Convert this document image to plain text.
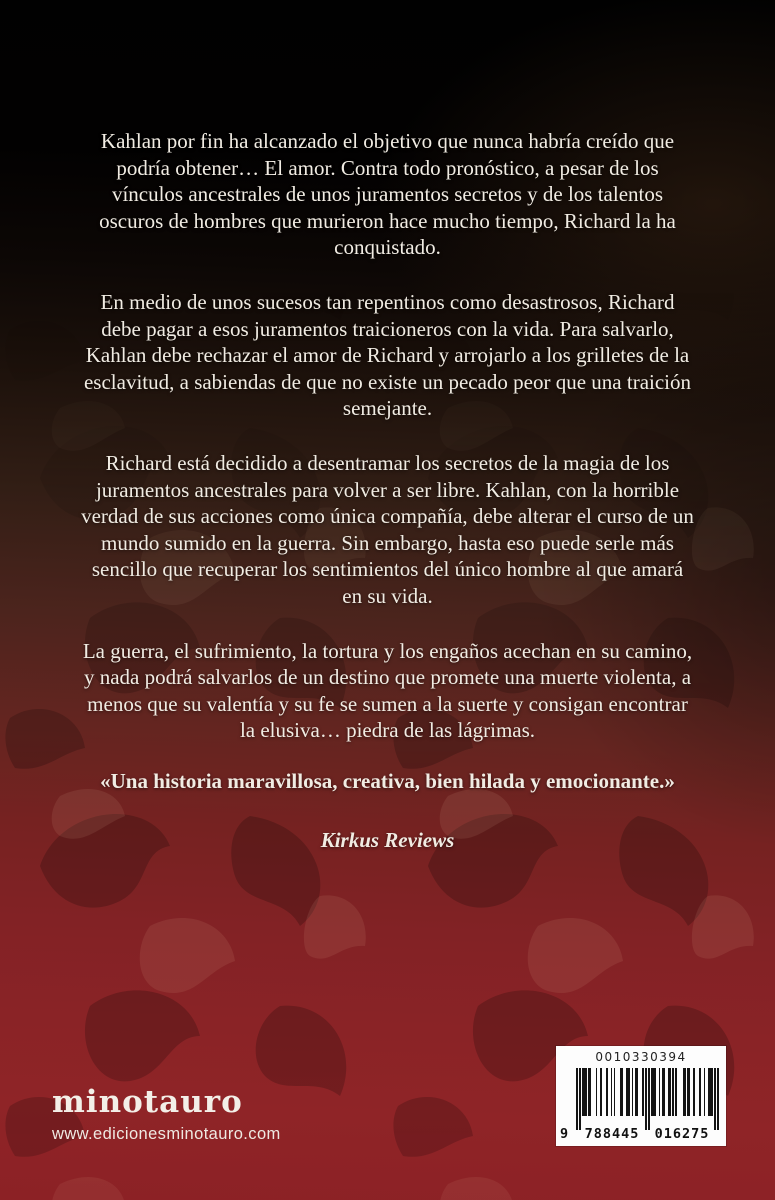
Kahlan por fin ha alcanzado el objetivo que nunca habría creído que podría obtener… El amor. Contra todo pronóstico, a pesar de los vínculos ancestrales de unos juramentos secretos y de los talentos oscuros de hombres que murieron hace mucho tiempo, Richard la ha conquistado.

En medio de unos sucesos tan repentinos como desastrosos, Richard debe pagar a esos juramentos traicioneros con la vida. Para salvarlo, Kahlan debe rechazar el amor de Richard y arrojarlo a los grilletes de la esclavitud, a sabiendas de que no existe un pecado peor que una traición semejante.

Richard está decidido a desentramar los secretos de la magia de los juramentos ancestrales para volver a ser libre. Kahlan, con la horrible verdad de sus acciones como única compañía, debe alterar el curso de un mundo sumido en la guerra. Sin embargo, hasta eso puede serle más sencillo que recuperar los sentimientos del único hombre al que amará en su vida.

La guerra, el sufrimiento, la tortura y los engaños acechan en su camino, y nada podrá salvarlos de un destino que promete una muerte violenta, a menos que su valentía y su fe se sumen a la suerte y consigan encontrar la elusiva… piedra de las lágrimas.

«Una historia maravillosa, creativa, bien hilada y emocionante.»

Kirkus Reviews

minotauro
www.edicionesminotauro.com
0010330394
9 788445 016275
